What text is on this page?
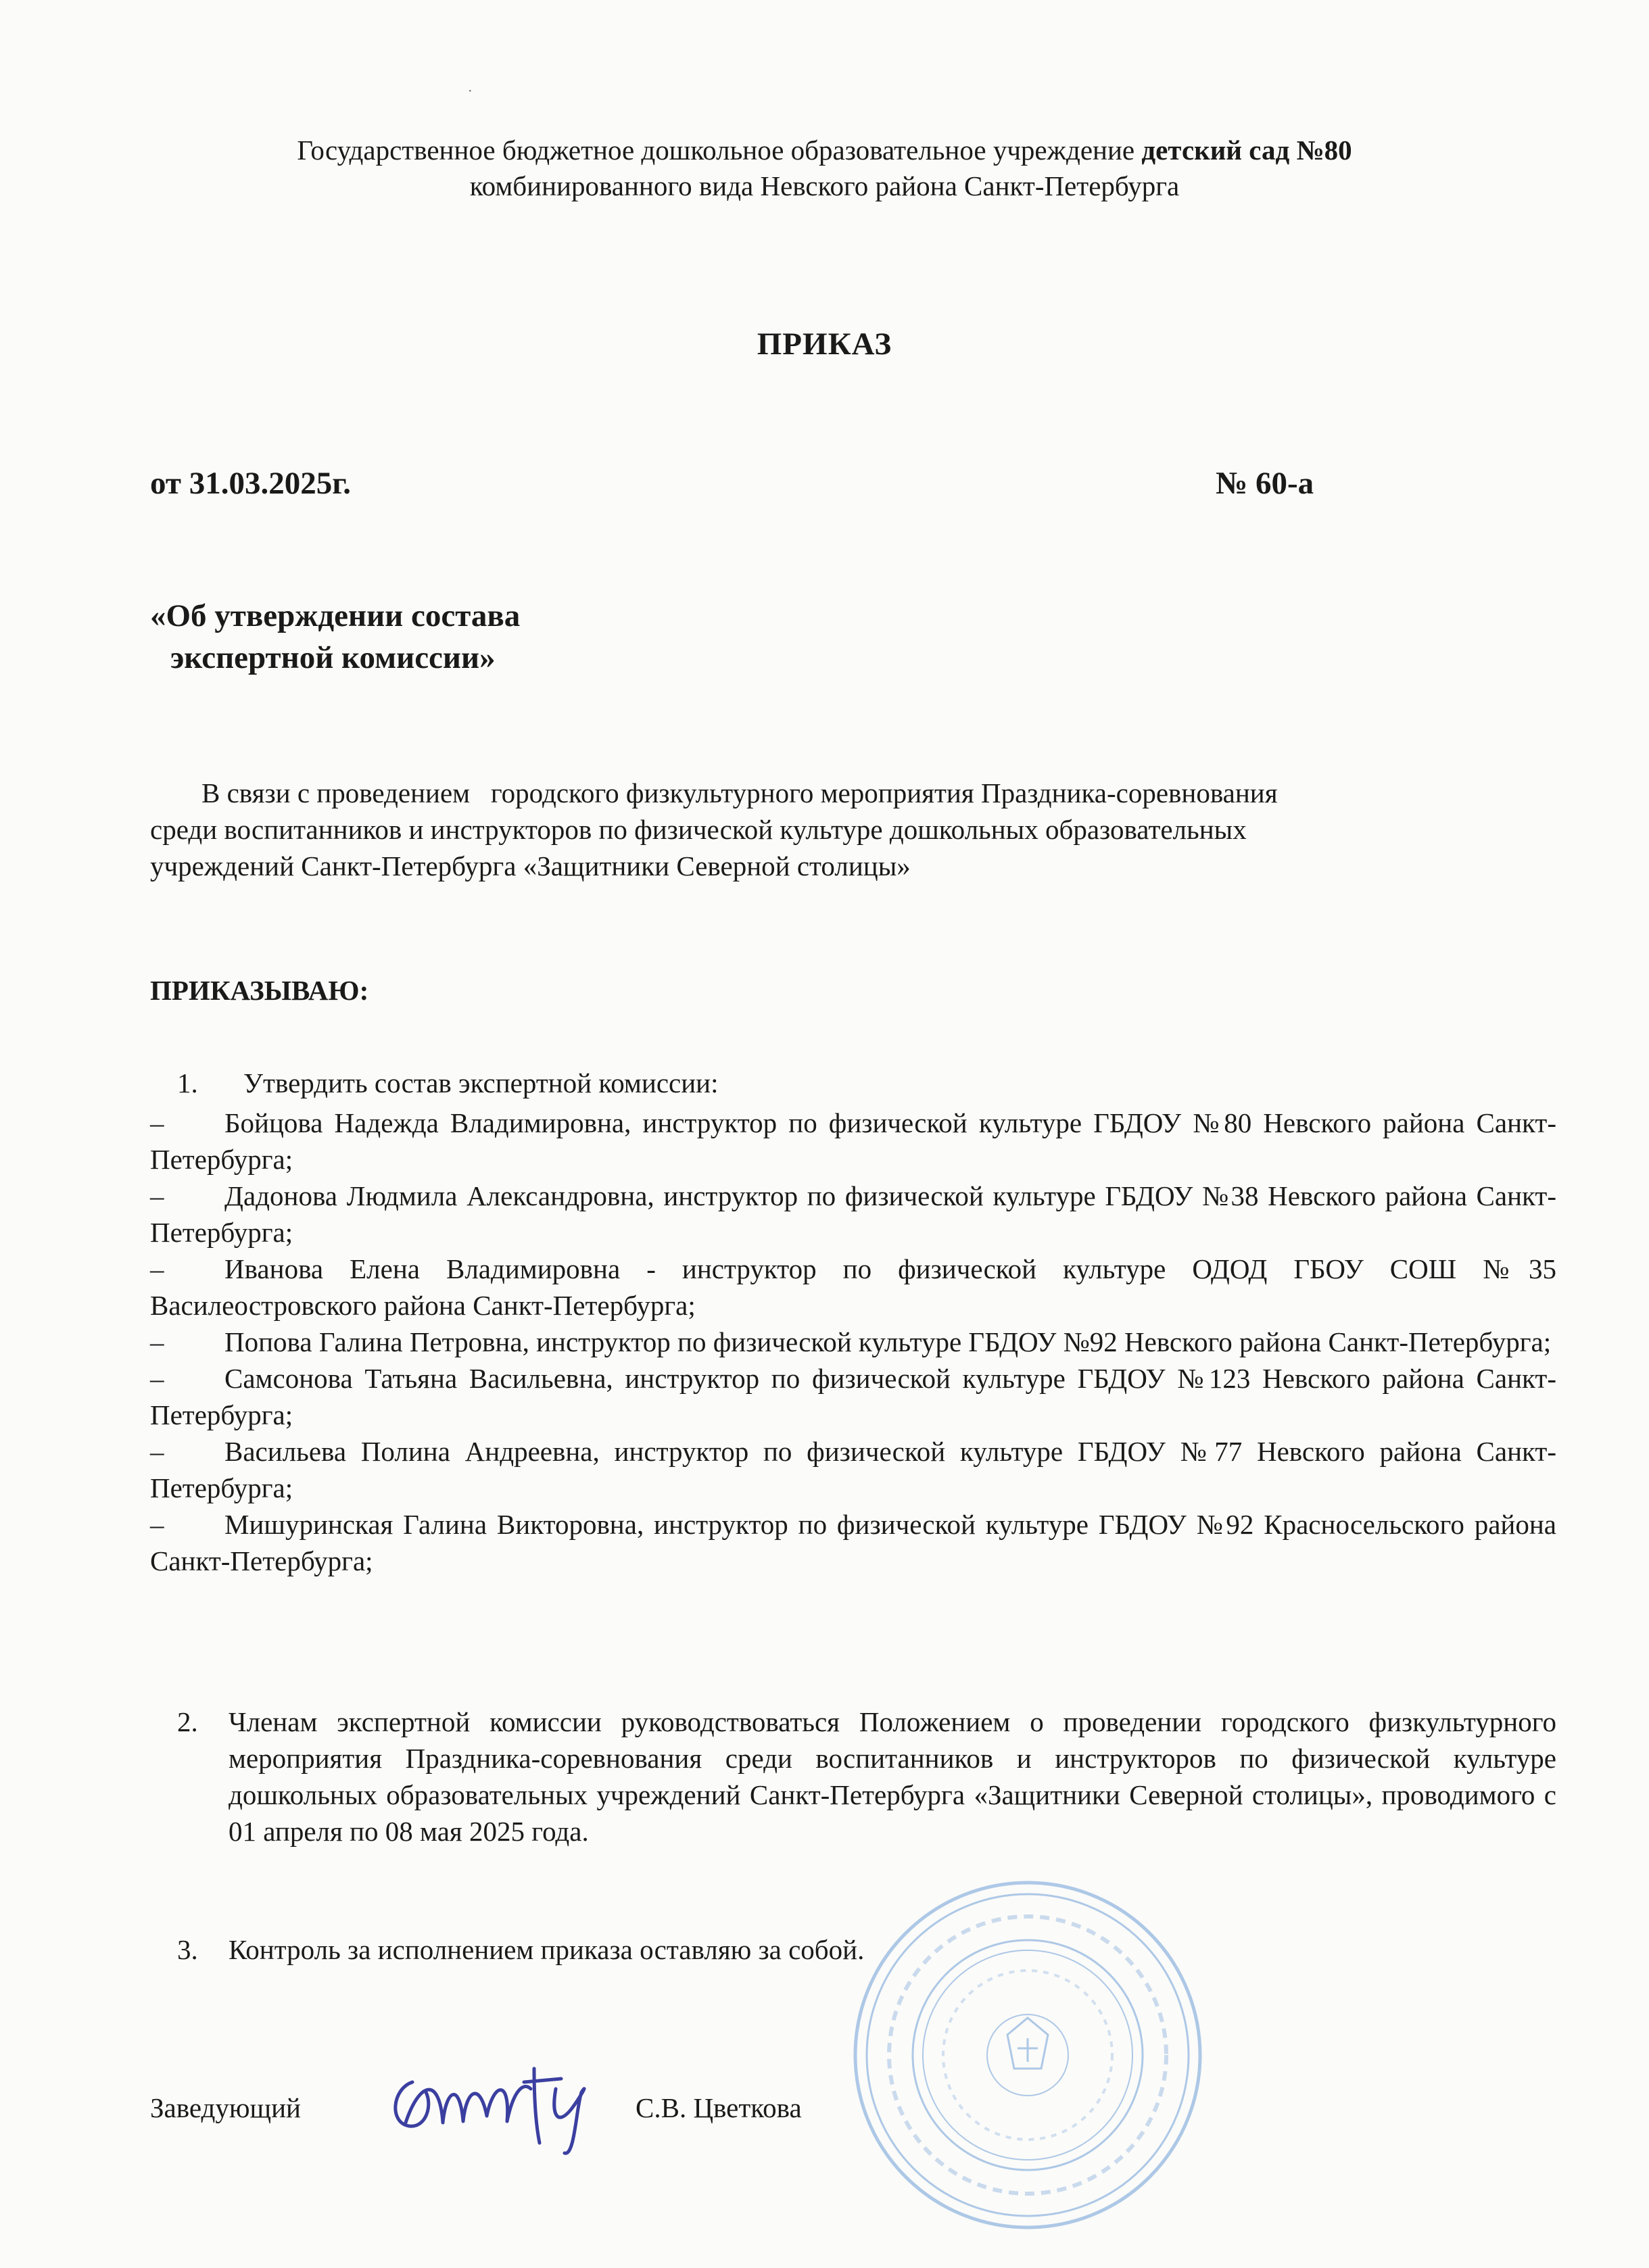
Государственное бюджетное дошкольное образовательное учреждение детский сад №80
комбинированного вида Невского района Санкт-Петербурга
ПРИКАЗ
от 31.03.2025г.	№ 60-а
«Об утверждении состава
экспертной комиссии»
В связи с проведением   городского физкультурного мероприятия Праздника-соревнования
среди воспитанников и инструкторов по физической культуре дошкольных образовательных
учреждений Санкт-Петербурга «Защитники Северной столицы»
ПРИКАЗЫВАЮ:
1. Утвердить состав экспертной комиссии:
– Бойцова Надежда Владимировна, инструктор по физической культуре ГБДОУ №80 Невского района Санкт-Петербурга;
– Дадонова Людмила Александровна, инструктор по физической культуре ГБДОУ №38 Невского района Санкт-Петербурга;
– Иванова Елена Владимировна - инструктор по физической культуре ОДОД ГБОУ СОШ №35 Василеостровского района Санкт-Петербурга;
– Попова Галина Петровна, инструктор по физической культуре ГБДОУ №92 Невского района Санкт-Петербурга;
– Самсонова Татьяна Васильевна, инструктор по физической культуре ГБДОУ №123 Невского района Санкт-Петербурга;
– Васильева Полина Андреевна, инструктор по физической культуре ГБДОУ №77 Невского района Санкт-Петербурга;
– Мишуринская Галина Викторовна, инструктор по физической культуре ГБДОУ №92 Красносельского района Санкт-Петербурга;
2. Членам экспертной комиссии руководствоваться Положением о проведении городского физкультурного мероприятия Праздника-соревнования среди воспитанников и инструкторов по физической культуре дошкольных образовательных учреждений Санкт-Петербурга «Защитники Северной столицы», проводимого с 01 апреля по 08 мая 2025 года.
3. Контроль за исполнением приказа оставляю за собой.
Заведующий	С.В. Цветкова
·
